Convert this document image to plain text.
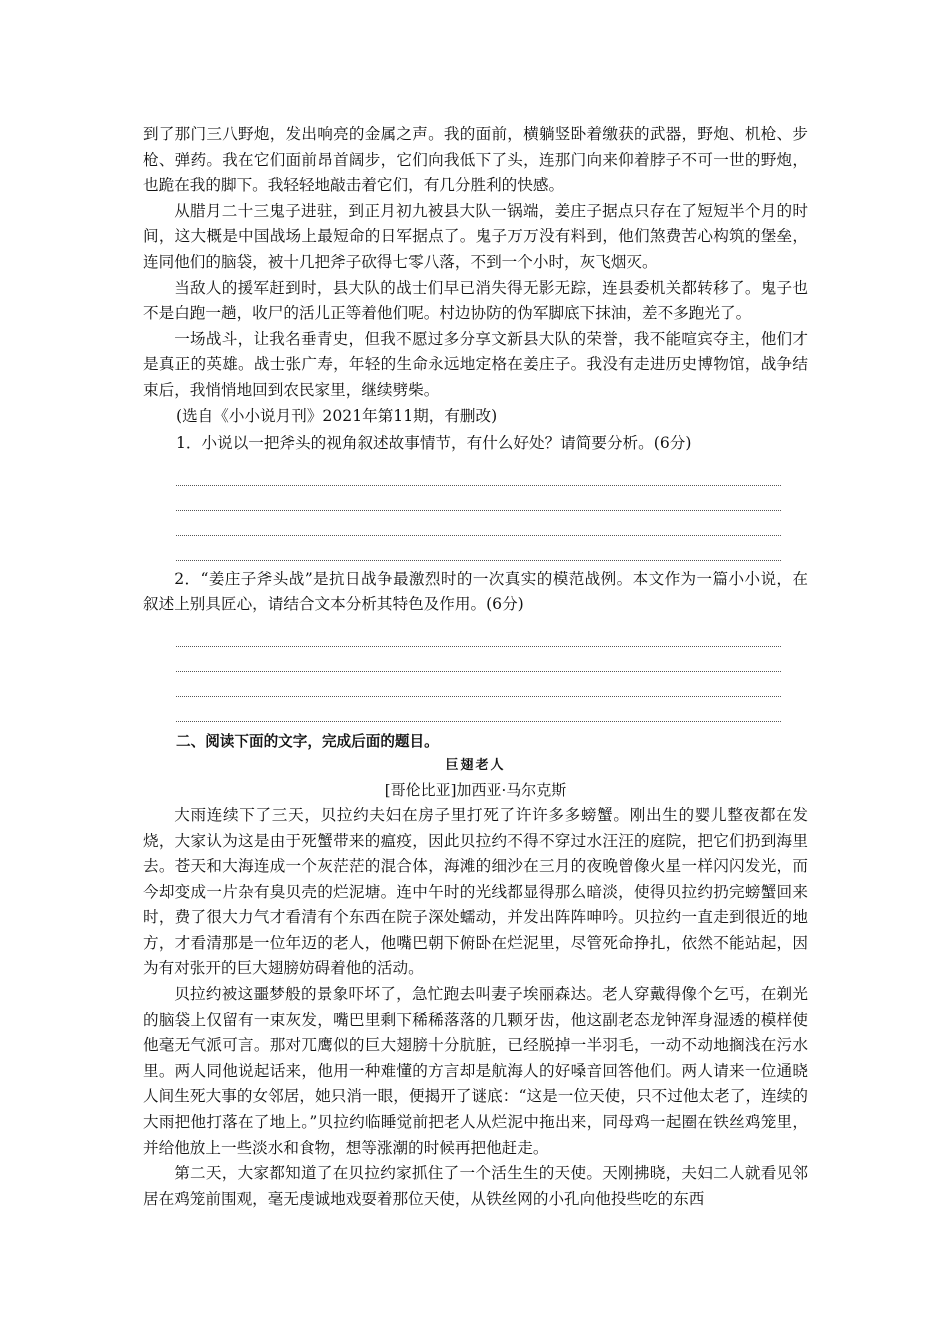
到了那门三八野炮，发出响亮的金属之声。我的面前，横躺竖卧着缴获的武器，野炮、机枪、步枪、弹药。我在它们面前昂首阔步，它们向我低下了头，连那门向来仰着脖子不可一世的野炮，也跪在我的脚下。我轻轻地敲击着它们，有几分胜利的快感。

从腊月二十三鬼子进驻，到正月初九被县大队一锅端，姜庄子据点只存在了短短半个月的时间，这大概是中国战场上最短命的日军据点了。鬼子万万没有料到，他们煞费苦心构筑的堡垒，连同他们的脑袋，被十几把斧子砍得七零八落，不到一个小时，灰飞烟灭。

当敌人的援军赶到时，县大队的战士们早已消失得无影无踪，连县委机关都转移了。鬼子也不是白跑一趟，收尸的活儿正等着他们呢。村边协防的伪军脚底下抹油，差不多跑光了。

一场战斗，让我名垂青史，但我不愿过多分享文新县大队的荣誉，我不能喧宾夺主，他们才是真正的英雄。战士张广寿，年轻的生命永远地定格在姜庄子。我没有走进历史博物馆，战争结束后，我悄悄地回到农民家里，继续劈柴。

(选自《小小说月刊》2021年第11期，有删改)

1．小说以一把斧头的视角叙述故事情节，有什么好处？请简要分析。(6分)

2．“姜庄子斧头战”是抗日战争最激烈时的一次真实的模范战例。本文作为一篇小小说，在叙述上别具匠心，请结合文本分析其特色及作用。(6分)

二、阅读下面的文字，完成后面的题目。

巨翅老人

[哥伦比亚]加西亚·马尔克斯

大雨连续下了三天，贝拉约夫妇在房子里打死了许许多多螃蟹。刚出生的婴儿整夜都在发烧，大家认为这是由于死蟹带来的瘟疫，因此贝拉约不得不穿过水汪汪的庭院，把它们扔到海里去。苍天和大海连成一个灰茫茫的混合体，海滩的细沙在三月的夜晚曾像火星一样闪闪发光，而今却变成一片杂有臭贝壳的烂泥塘。连中午时的光线都显得那么暗淡，使得贝拉约扔完螃蟹回来时，费了很大力气才看清有个东西在院子深处蠕动，并发出阵阵呻吟。贝拉约一直走到很近的地方，才看清那是一位年迈的老人，他嘴巴朝下俯卧在烂泥里，尽管死命挣扎，依然不能站起，因为有对张开的巨大翅膀妨碍着他的活动。

贝拉约被这噩梦般的景象吓坏了，急忙跑去叫妻子埃丽森达。老人穿戴得像个乞丐，在剃光的脑袋上仅留有一束灰发，嘴巴里剩下稀稀落落的几颗牙齿，他这副老态龙钟浑身湿透的模样使他毫无气派可言。那对兀鹰似的巨大翅膀十分肮脏，已经脱掉一半羽毛，一动不动地搁浅在污水里。两人同他说起话来，他用一种难懂的方言却是航海人的好嗓音回答他们。两人请来一位通晓人间生死大事的女邻居，她只消一眼，便揭开了谜底：“这是一位天使，只不过他太老了，连续的大雨把他打落在了地上。”贝拉约临睡觉前把老人从烂泥中拖出来，同母鸡一起圈在铁丝鸡笼里，并给他放上一些淡水和食物，想等涨潮的时候再把他赶走。

第二天，大家都知道了在贝拉约家抓住了一个活生生的天使。天刚拂晓，夫妇二人就看见邻居在鸡笼前围观，毫无虔诚地戏耍着那位天使，从铁丝网的小孔向他投些吃的东西
